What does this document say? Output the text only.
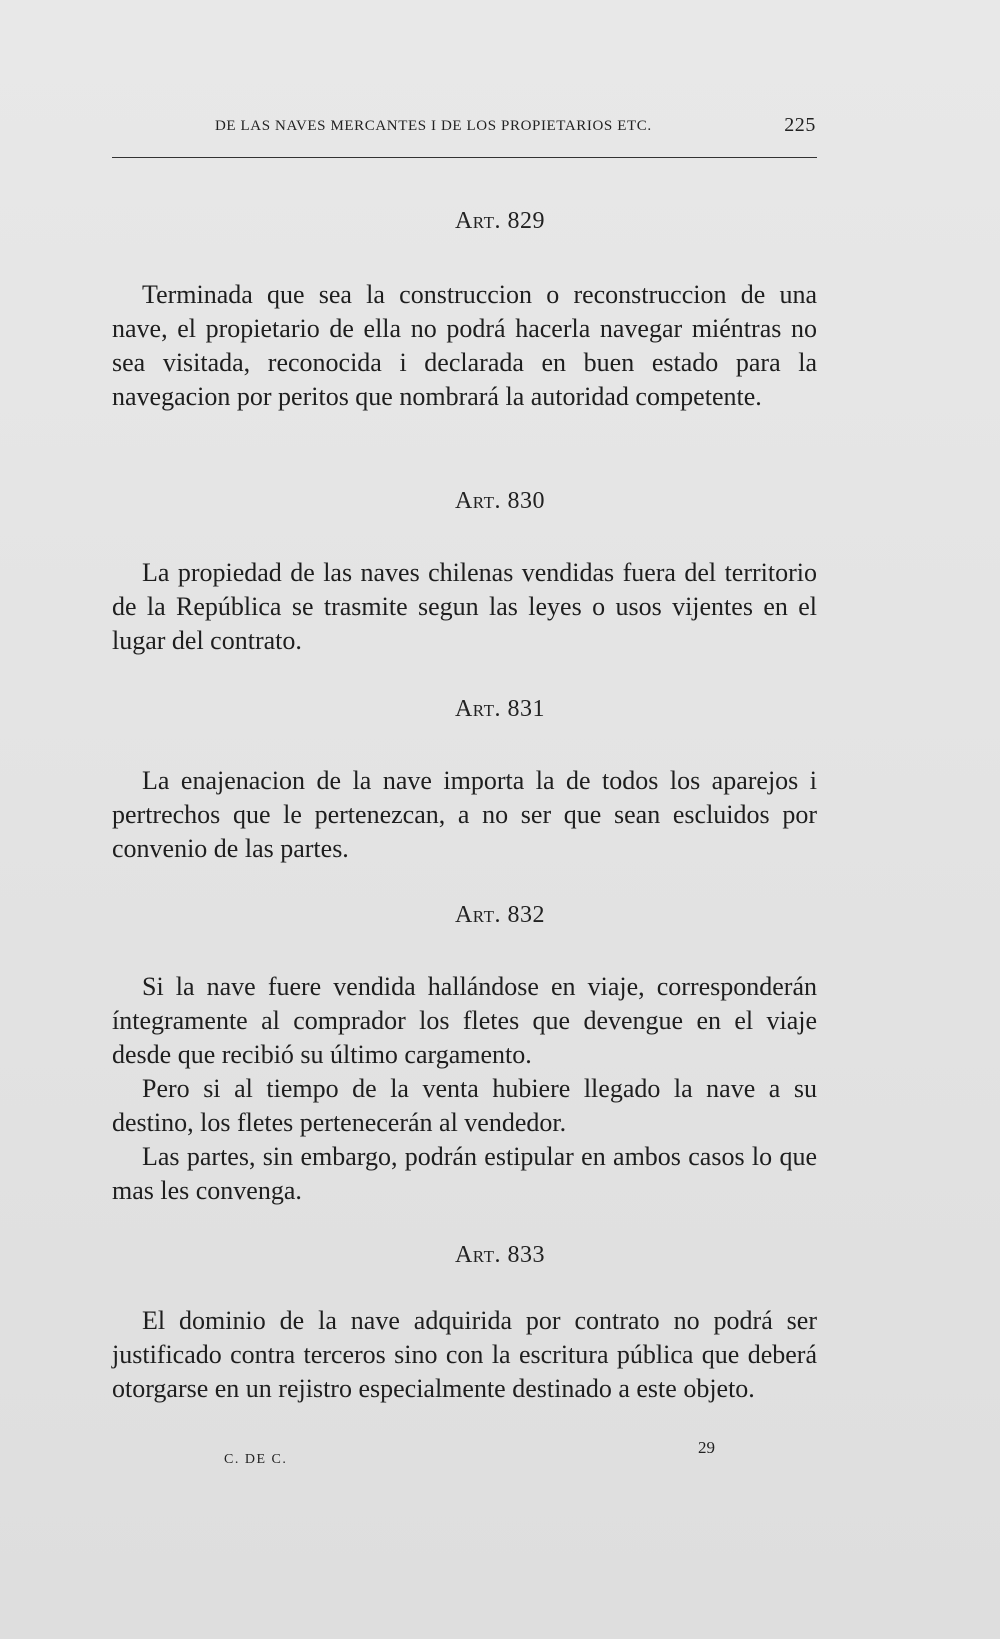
DE LAS NAVES MERCANTES I DE LOS PROPIETARIOS ETC.	225
Art. 829

Terminada que sea la construccion o reconstruccion de una nave, el propietario de ella no podrá hacerla navegar miéntras no sea visitada, reconocida i declarada en buen estado para la navegacion por peritos que nombrará la autoridad competente.

Art. 830

La propiedad de las naves chilenas vendidas fuera del territorio de la República se trasmite segun las leyes o usos vijentes en el lugar del contrato.

Art. 831

La enajenacion de la nave importa la de todos los aparejos i pertrechos que le pertenezcan, a no ser que sean escluidos por convenio de las partes.

Art. 832

Si la nave fuere vendida hallándose en viaje, corresponderán íntegramente al comprador los fletes que devengue en el viaje desde que recibió su último cargamento.

Pero si al tiempo de la venta hubiere llegado la nave a su destino, los fletes pertenecerán al vendedor.

Las partes, sin embargo, podrán estipular en ambos casos lo que mas les convenga.

Art. 833

El dominio de la nave adquirida por contrato no podrá ser justificado contra terceros sino con la escritura pública que deberá otorgarse en un rejistro especialmente destinado a este objeto.

C. DE C.
29
